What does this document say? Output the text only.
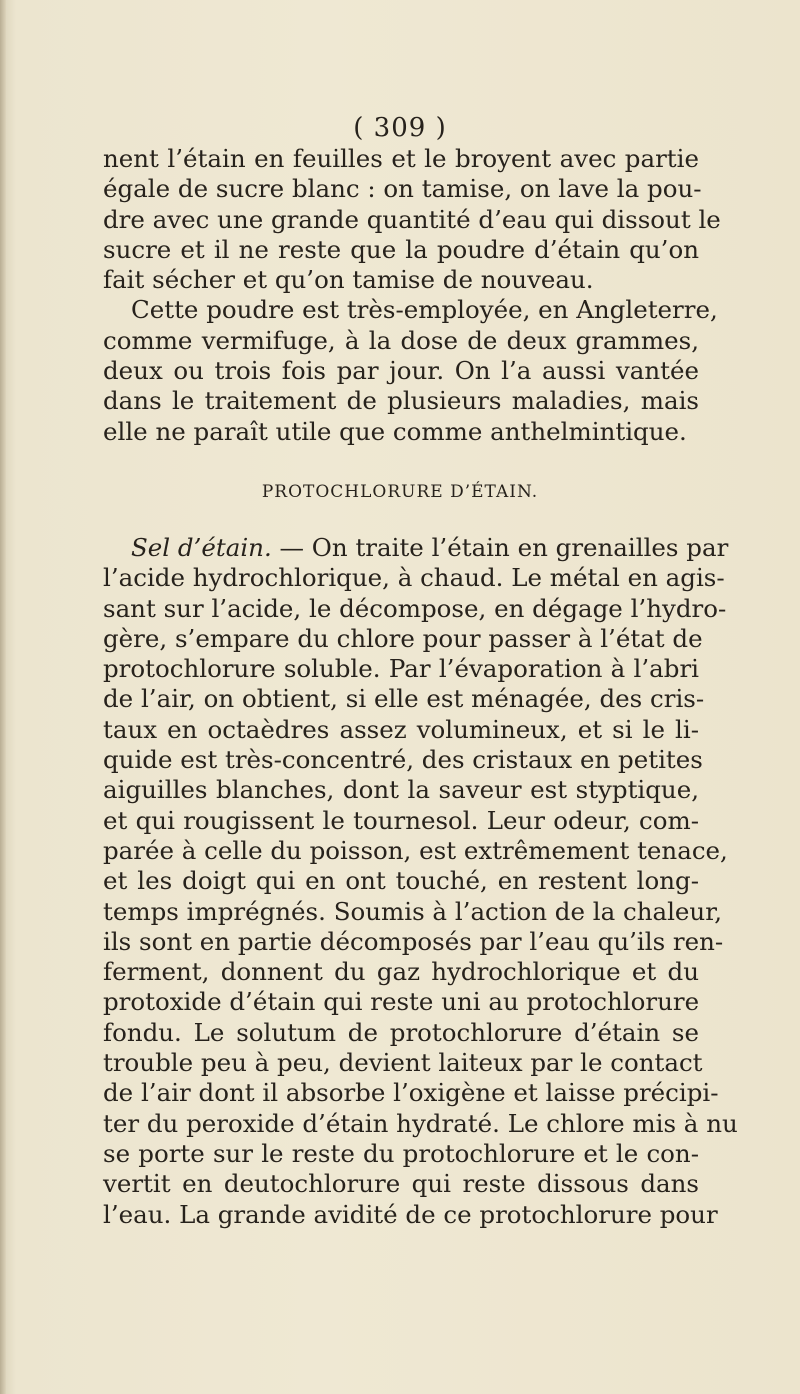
( 309 )
nent l’étain en feuilles et le broyent avec partie
égale de sucre blanc : on tamise, on lave la pou-
dre avec une grande quantité d’eau qui dissout le
sucre et il ne reste que la poudre d’étain qu’on
fait sécher et qu’on tamise de nouveau.
Cette poudre est très-employée, en Angleterre,
comme vermifuge, à la dose de deux grammes,
deux ou trois fois par jour. On l’a aussi vantée
dans le traitement de plusieurs maladies, mais
elle ne paraît utile que comme anthelmintique.
PROTOCHLORURE D’ÉTAIN.
Sel d’étain. — On traite l’étain en grenailles par
l’acide hydrochlorique, à chaud. Le métal en agis-
sant sur l’acide, le décompose, en dégage l’hydro-
gère, s’empare du chlore pour passer à l’état de
protochlorure soluble. Par l’évaporation à l’abri
de l’air, on obtient, si elle est ménagée, des cris-
taux en octaèdres assez volumineux, et si le li-
quide est très-concentré, des cristaux en petites
aiguilles blanches, dont la saveur est styptique,
et qui rougissent le tournesol. Leur odeur, com-
parée à celle du poisson, est extrêmement tenace,
et les doigt qui en ont touché, en restent long-
temps imprégnés. Soumis à l’action de la chaleur,
ils sont en partie décomposés par l’eau qu’ils ren-
ferment, donnent du gaz hydrochlorique et du
protoxide d’étain qui reste uni au protochlorure
fondu. Le solutum de protochlorure d’étain se
trouble peu à peu, devient laiteux par le contact
de l’air dont il absorbe l’oxigène et laisse précipi-
ter du peroxide d’étain hydraté. Le chlore mis à nu
se porte sur le reste du protochlorure et le con-
vertit en deutochlorure qui reste dissous dans
l’eau. La grande avidité de ce protochlorure pour
